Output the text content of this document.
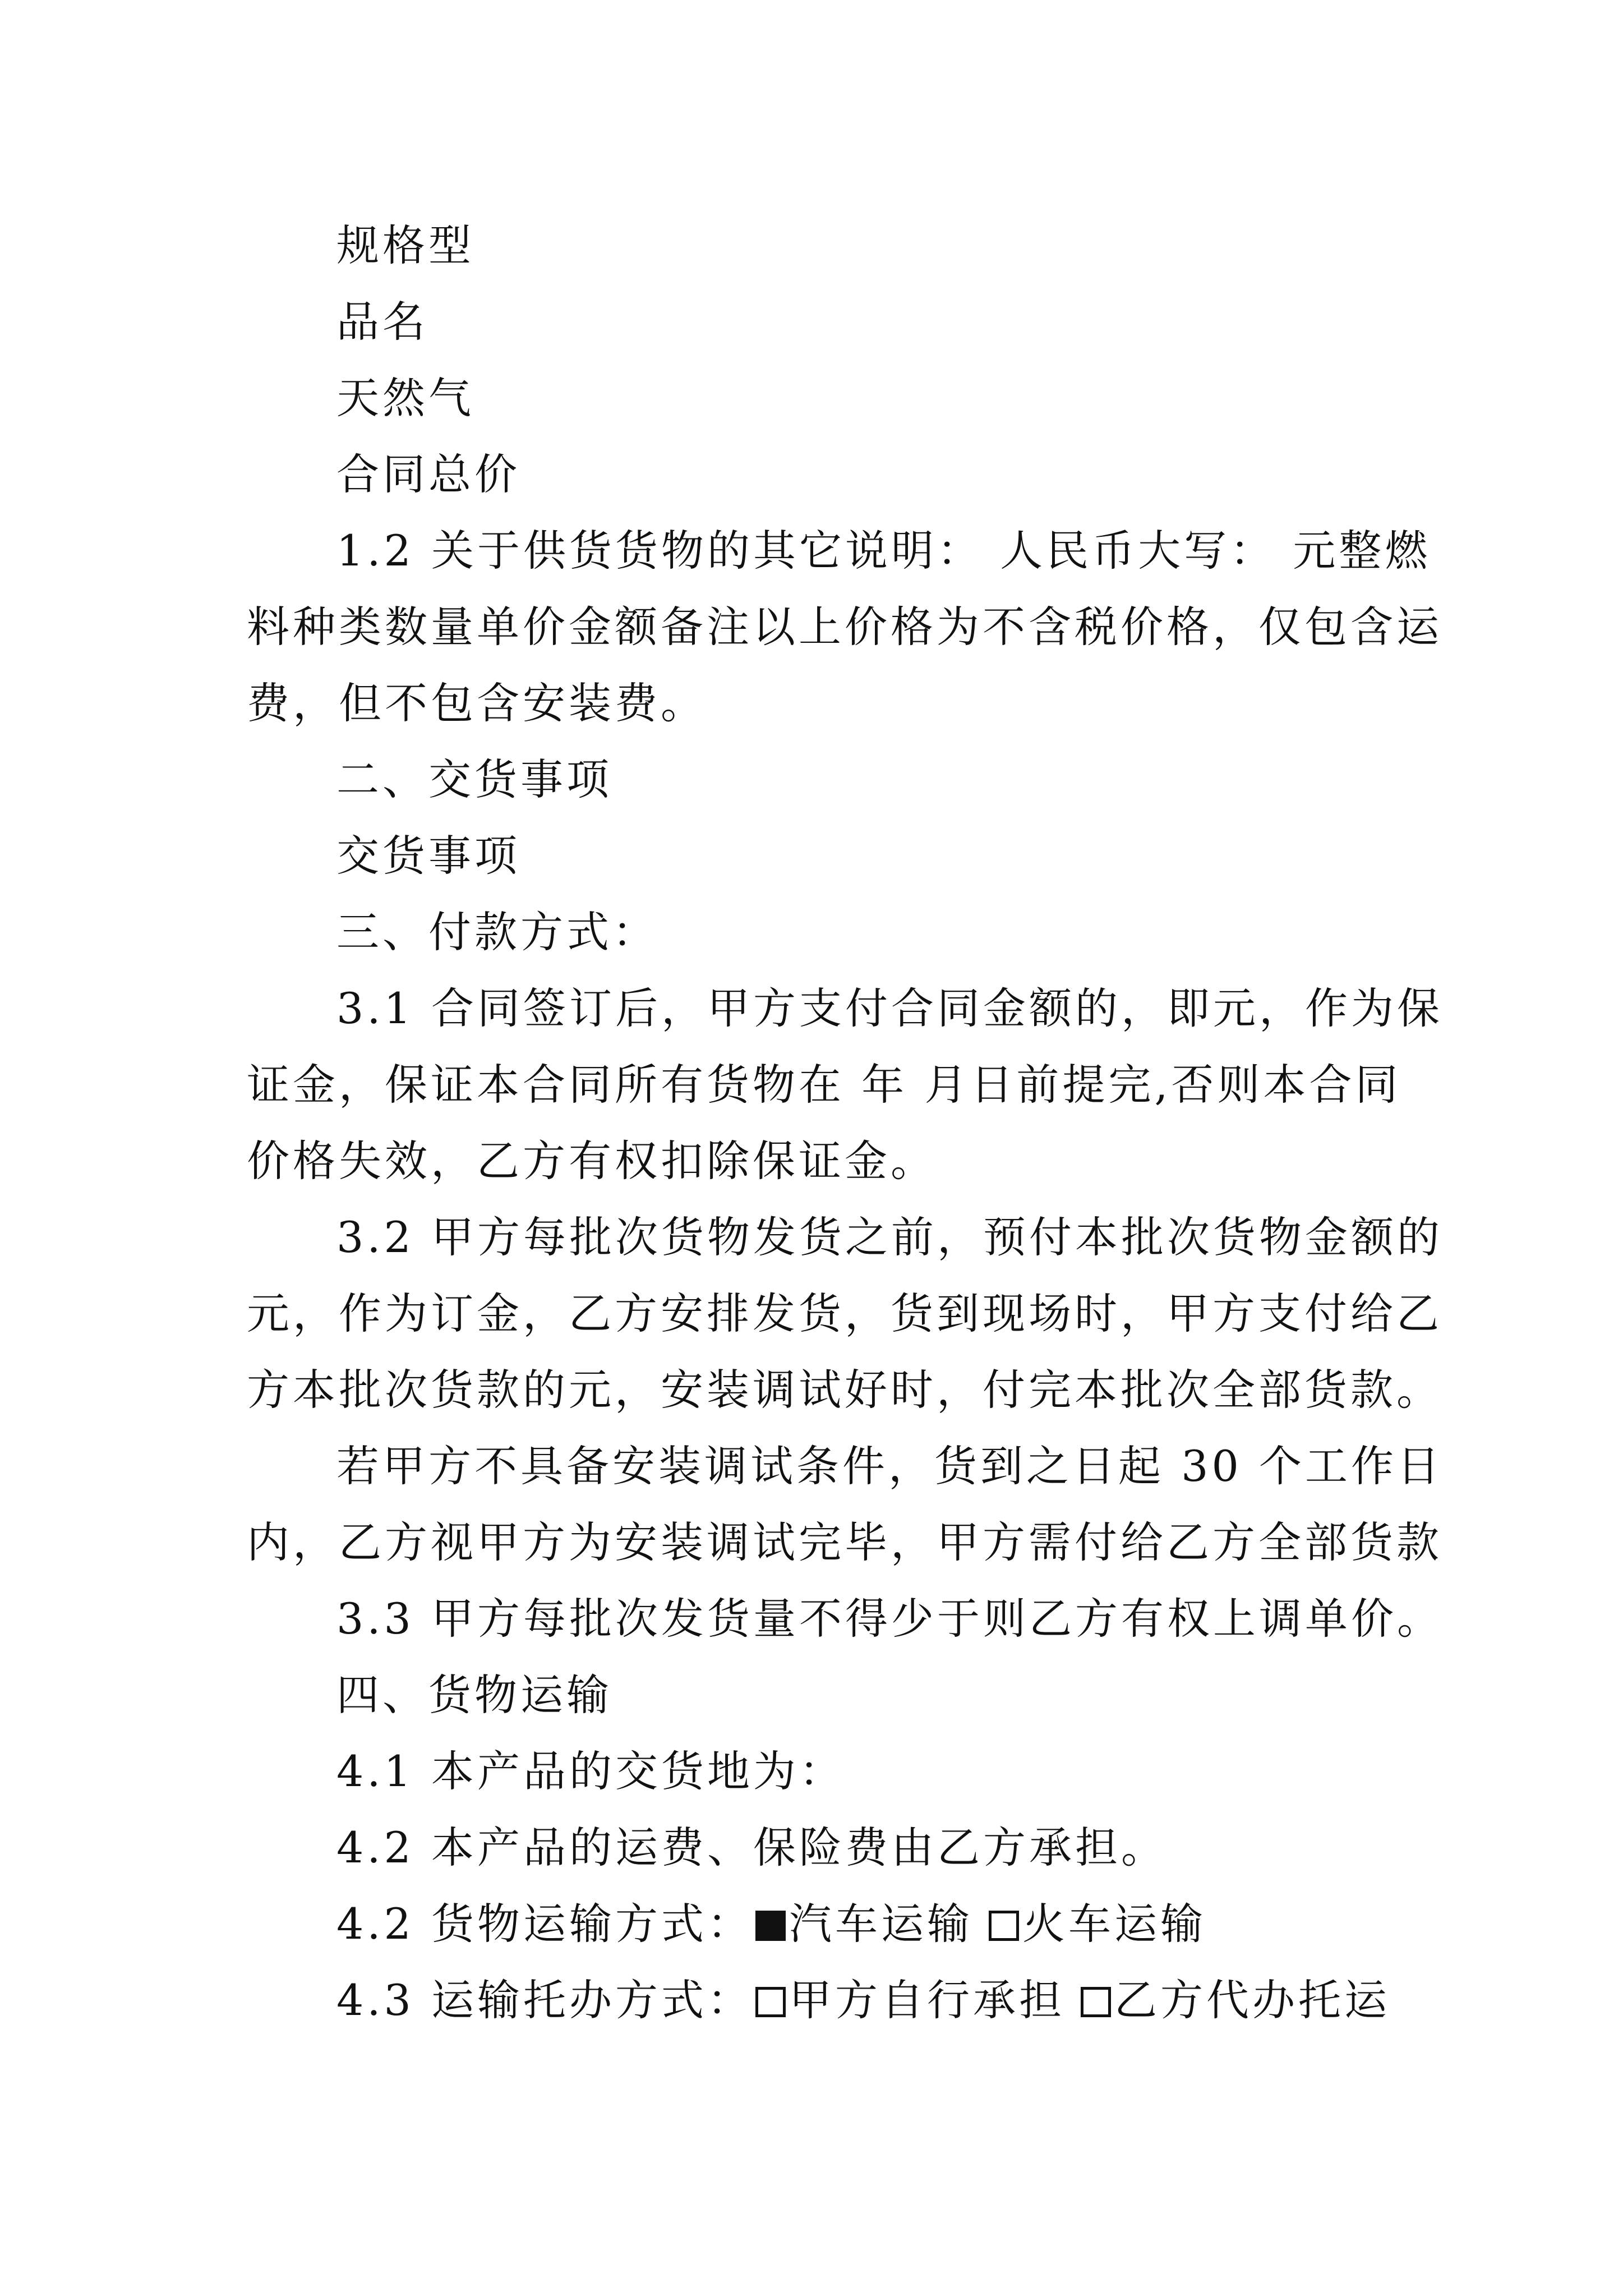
规格型
品名
天然气
合同总价
1.2 关于供货货物的其它说明： 人民币大写： 元整燃
料种类数量单价金额备注以上价格为不含税价格，仅包含运
费，但不包含安装费。
二、交货事项
交货事项
三、付款方式：
3.1 合同签订后，甲方支付合同金额的，即元，作为保
证金，保证本合同所有货物在 年 月日前提完,否则本合同
价格失效，乙方有权扣除保证金。
3.2 甲方每批次货物发货之前，预付本批次货物金额的
元，作为订金，乙方安排发货，货到现场时，甲方支付给乙
方本批次货款的元，安装调试好时，付完本批次全部货款。
若甲方不具备安装调试条件，货到之日起 30 个工作日
内，乙方视甲方为安装调试完毕，甲方需付给乙方全部货款
3.3 甲方每批次发货量不得少于则乙方有权上调单价。
四、货物运输
4.1 本产品的交货地为：
4.2 本产品的运费、保险费由乙方承担。
4.2 货物运输方式： 汽车运输 火车运输
4.3 运输托办方式： 甲方自行承担 乙方代办托运
